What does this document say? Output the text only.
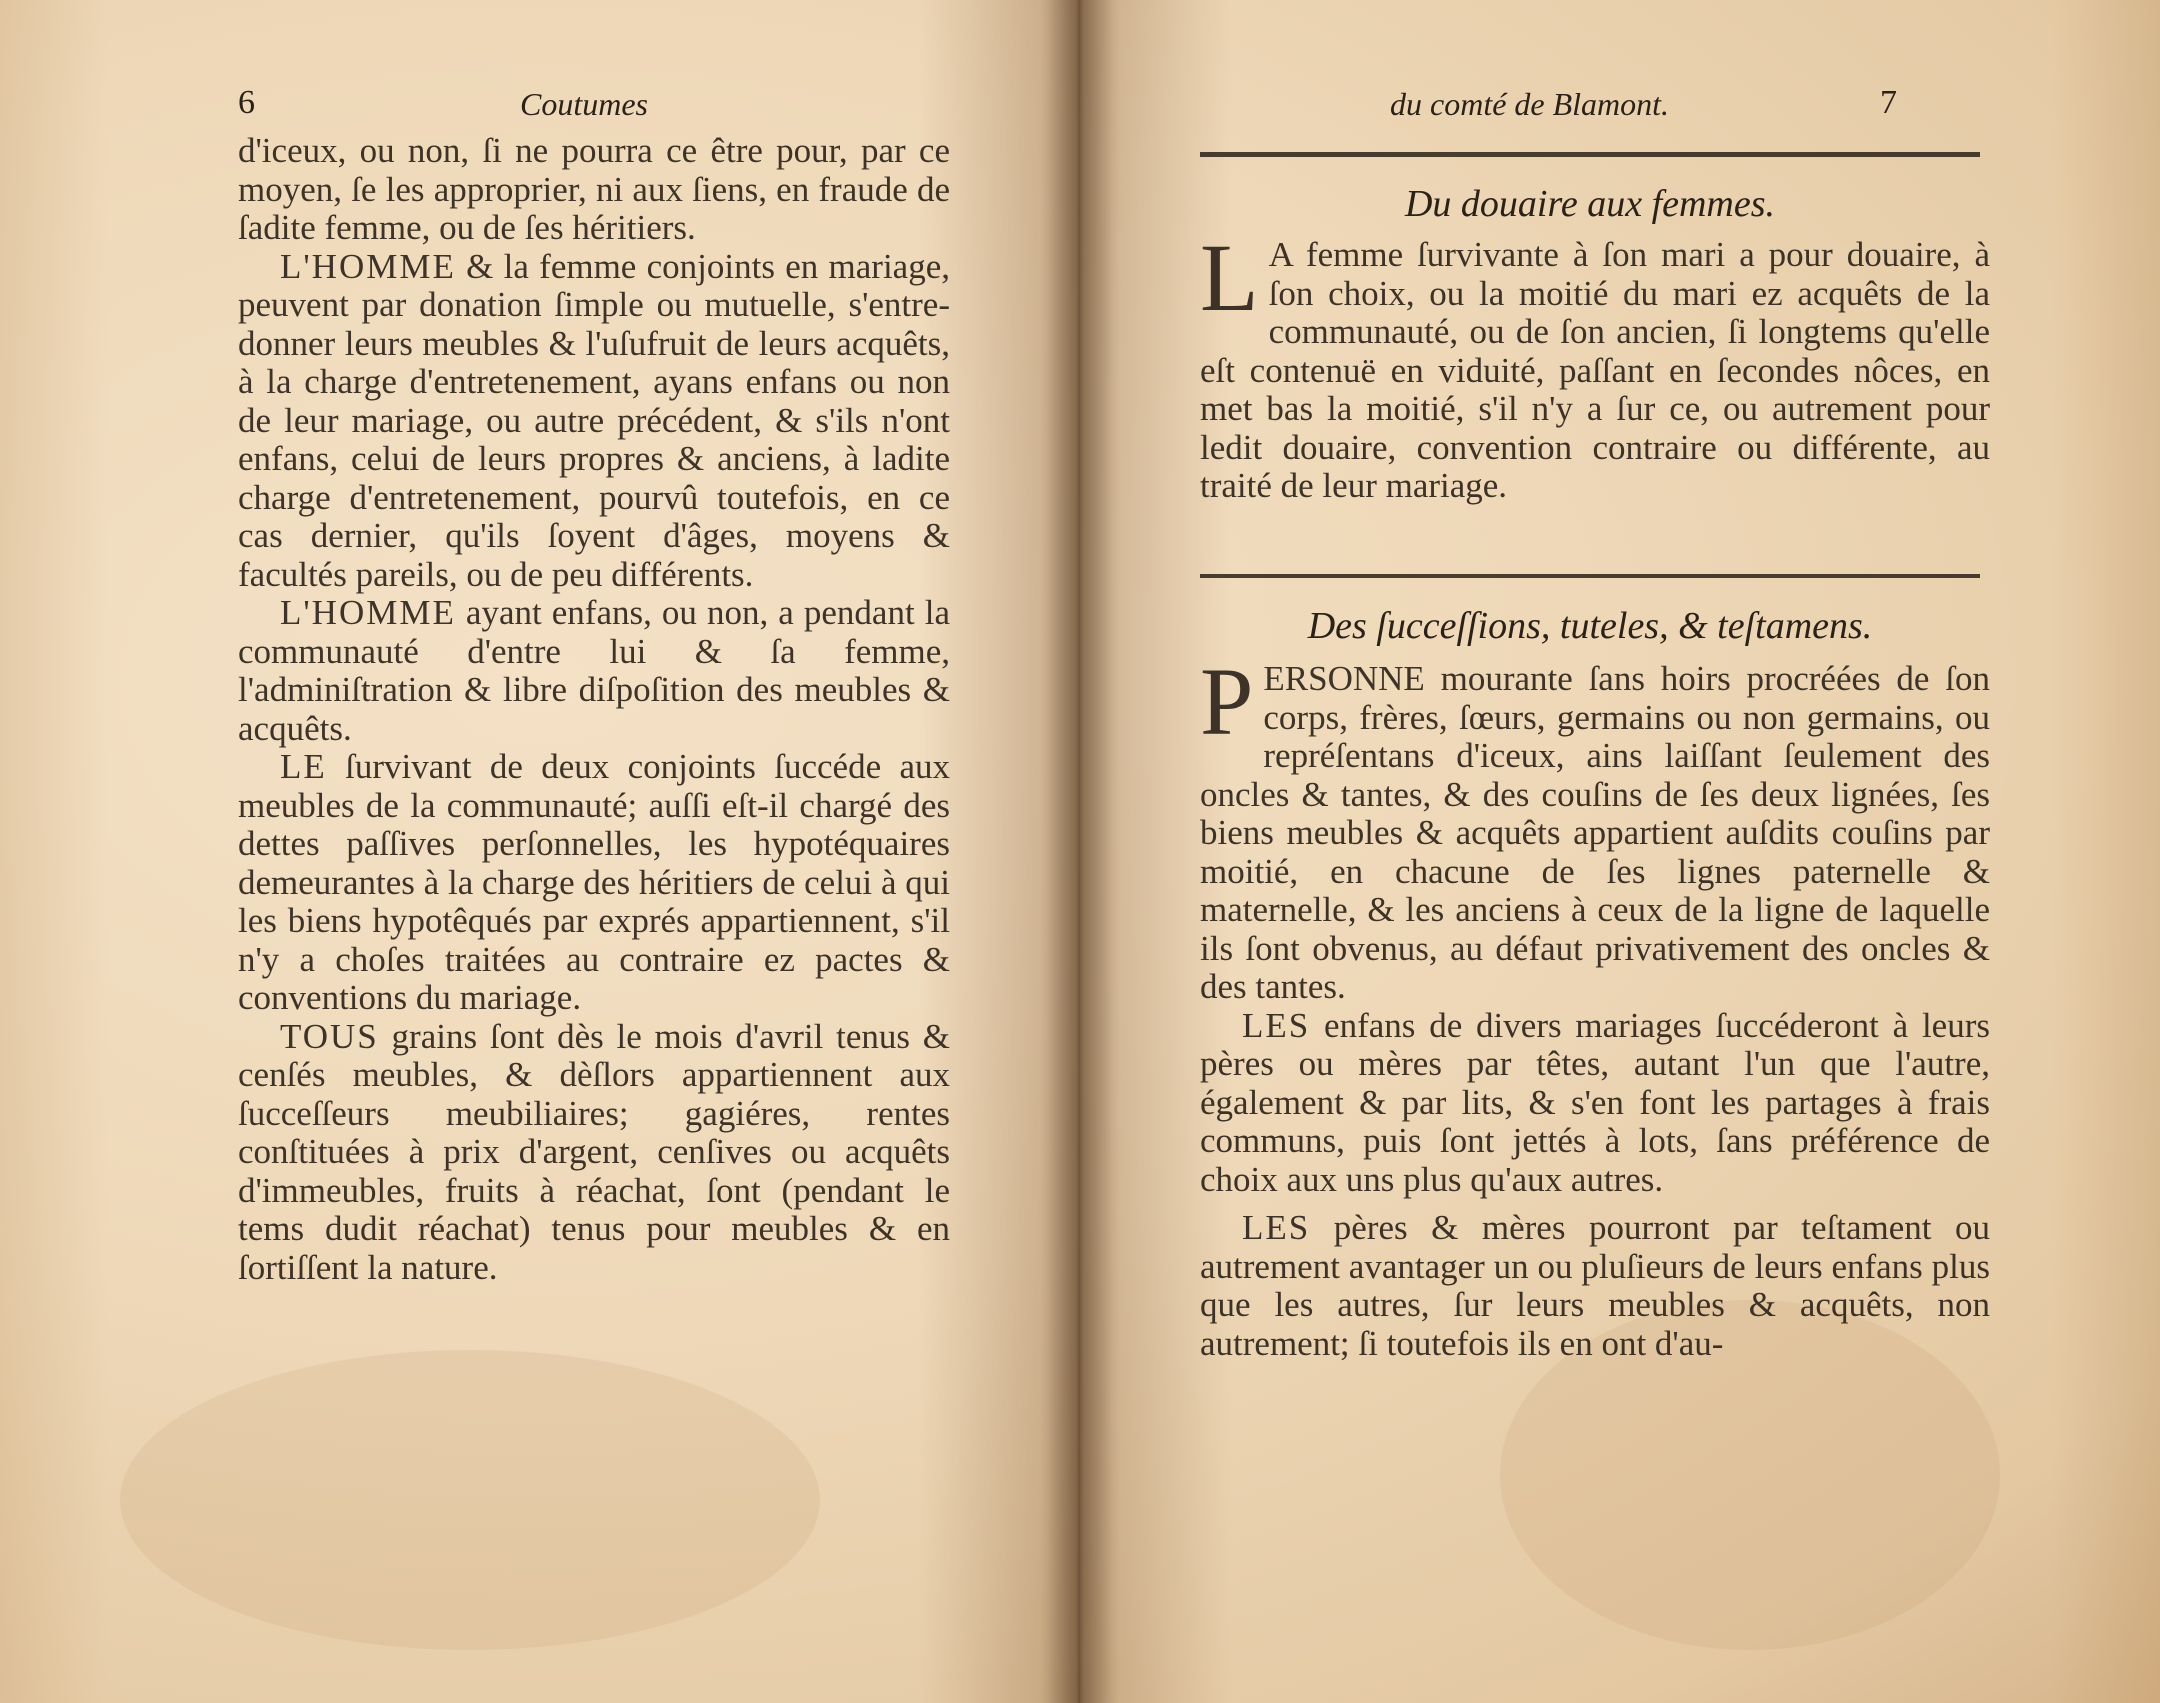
6	Coutumes

d'iceux, ou non, ſi ne pourra ce être pour, par ce moyen, ſe les approprier, ni aux ſiens, en fraude de ſadite femme, ou de ſes héritiers.

L'HOMME & la femme conjoints en mariage, peuvent par donation ſimple ou mutuelle, s'entre-donner leurs meubles & l'uſufruit de leurs acquêts, à la charge d'entretenement, ayans enfans ou non de leur mariage, ou autre précédent, & s'ils n'ont enfans, celui de leurs propres & anciens, à ladite charge d'entretenement, pourvû toutefois, en ce cas dernier, qu'ils ſoyent d'âges, moyens & facultés pareils, ou de peu différents.

L'HOMME ayant enfans, ou non, a pendant la communauté d'entre lui & ſa femme, l'adminiſtration & libre diſpoſition des meubles & acquêts.

LE ſurvivant de deux conjoints ſuccéde aux meubles de la communauté; auſſi eſt-il chargé des dettes paſſives perſonnelles, les hypotéquaires demeurantes à la charge des héritiers de celui à qui les biens hypotêqués par exprés appartiennent, s'il n'y a choſes traitées au contraire ez pactes & conventions du mariage.

TOUS grains ſont dès le mois d'avril tenus & cenſés meubles, & dèſlors appartiennent aux ſucceſſeurs meubiliaires; gagiéres, rentes conſtituées à prix d'argent, cenſives ou acquêts d'immeubles, fruits à réachat, ſont (pendant le tems dudit réachat) tenus pour meubles & en ſortiſſent la nature.

du comté de Blamont.	7
Du douaire aux femmes.

L A femme ſurvivante à ſon mari a pour douaire, à ſon choix, ou la moitié du mari ez acquêts de la communauté, ou de ſon ancien, ſi longtems qu'elle eſt contenuë en viduité, paſſant en ſecondes nôces, en met bas la moitié, s'il n'y a ſur ce, ou autrement pour ledit douaire, convention contraire ou différente, au traité de leur mariage.

Des ſucceſſions, tuteles, & teſtamens.

PERSONNE mourante ſans hoirs procréées de ſon corps, frères, ſœurs, germains ou non germains, ou repréſentans d'iceux, ains laiſſant ſeulement des oncles & tantes, & des couſins de ſes deux lignées, ſes biens meubles & acquêts appartient auſdits couſins par moitié, en chacune de ſes lignes paternelle & maternelle, & les anciens à ceux de la ligne de laquelle ils ſont obvenus, au défaut privativement des oncles & des tantes.

LES enfans de divers mariages ſuccéderont à leurs pères ou mères par têtes, autant l'un que l'autre, également & par lits, & s'en font les partages à frais communs, puis ſont jettés à lots, ſans préférence de choix aux uns plus qu'aux autres.

LES pères & mères pourront par teſtament ou autrement avantager un ou pluſieurs de leurs enfans plus que les autres, ſur leurs meubles & acquêts, non autrement; ſi toutefois ils en ont d'au-
